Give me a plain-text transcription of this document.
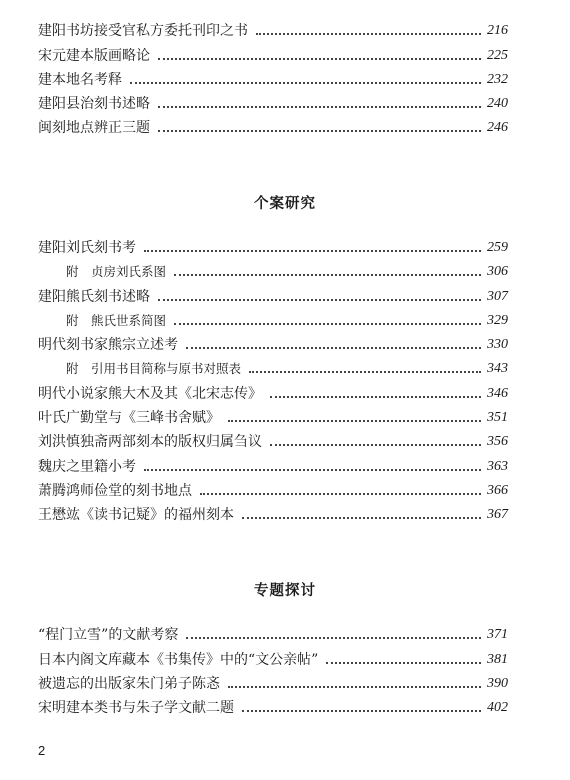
建阳书坊接受官私方委托刊印之书	216
宋元建本版画略论	225
建本地名考释	232
建阳县治刻书述略	240
闽刻地点辨正三题	246
个案研究
建阳刘氏刻书考	259
附　贞房刘氏系图	306
建阳熊氏刻书述略	307
附　熊氏世系简图	329
明代刻书家熊宗立述考	330
附　引用书目简称与原书对照表	343
明代小说家熊大木及其《北宋志传》	346
叶氏广勤堂与《三峰书舍赋》	351
刘洪慎独斋两部刻本的版权归属刍议	356
魏庆之里籍小考	363
萧腾鸿师俭堂的刻书地点	366
王懋竑《读书记疑》的福州刻本	367
专题探讨
“程门立雪”的文献考察	371
日本内阁文库藏本《书集传》中的“文公亲帖”	381
被遗忘的出版家朱门弟子陈忞	390
宋明建本类书与朱子学文献二题	402
2
